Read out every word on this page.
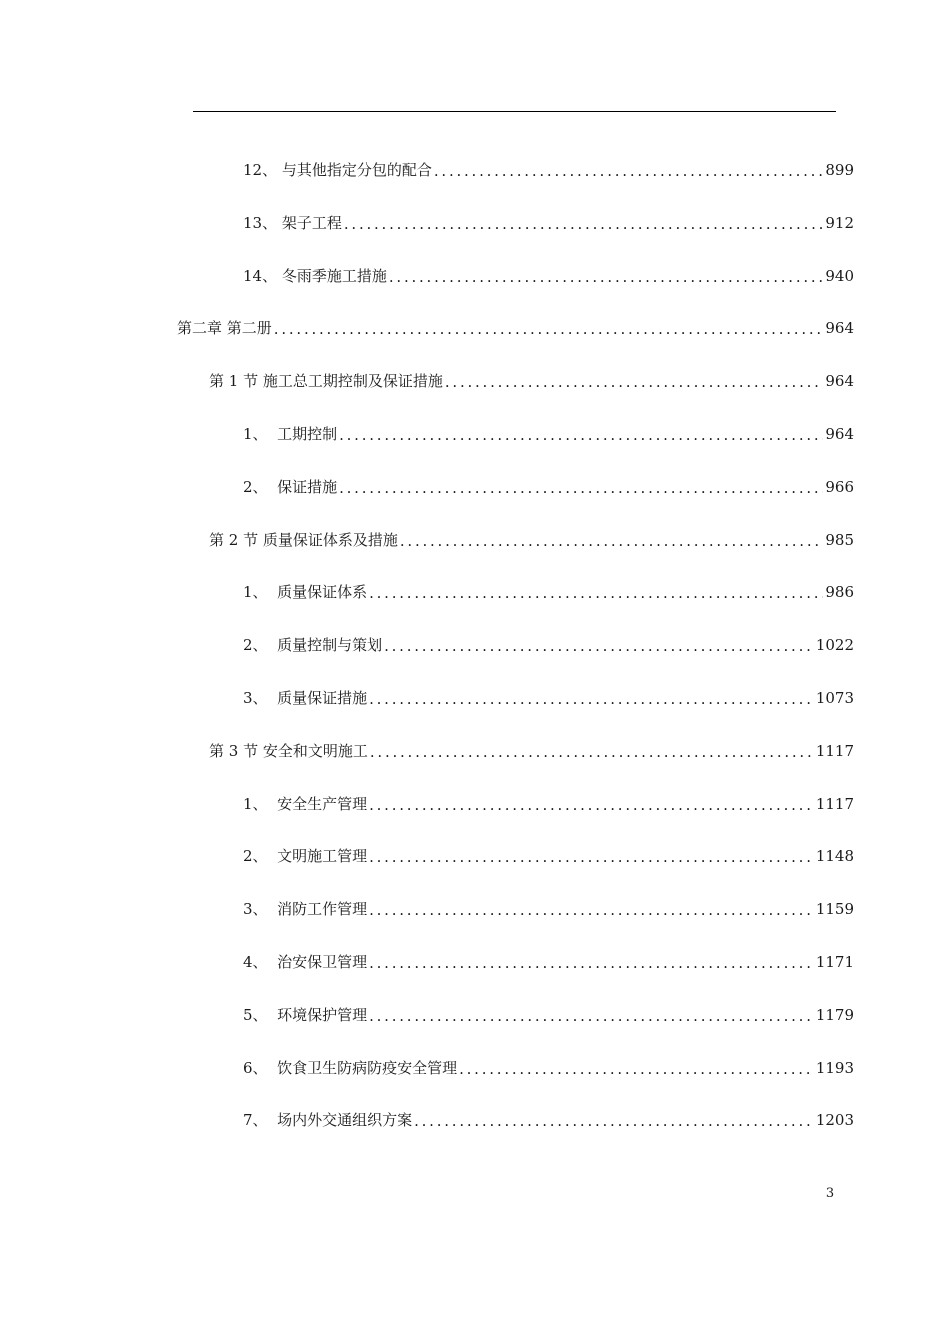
12、 与其他指定分包的配合 . . .	899
13、 架子工程 . . .	912
14、 冬雨季施工措施 . . .	940
第二章 第二册 . . .	964
第 1 节 施工总工期控制及保证措施 . . .	964
1、 工期控制 . . .	964
2、 保证措施 . . .	966
第 2 节 质量保证体系及措施 . . .	985
1、 质量保证体系 . . .	986
2、 质量控制与策划 . . .	1022
3、 质量保证措施 . . .	1073
第 3 节 安全和文明施工 . . .	1117
1、 安全生产管理 . . .	1117
2、 文明施工管理 . . .	1148
3、 消防工作管理 . . .	1159
4、 治安保卫管理 . . .	1171
5、 环境保护管理 . . .	1179
6、 饮食卫生防病防疫安全管理 . . .	1193
7、 场内外交通组织方案 . . .	1203
3
